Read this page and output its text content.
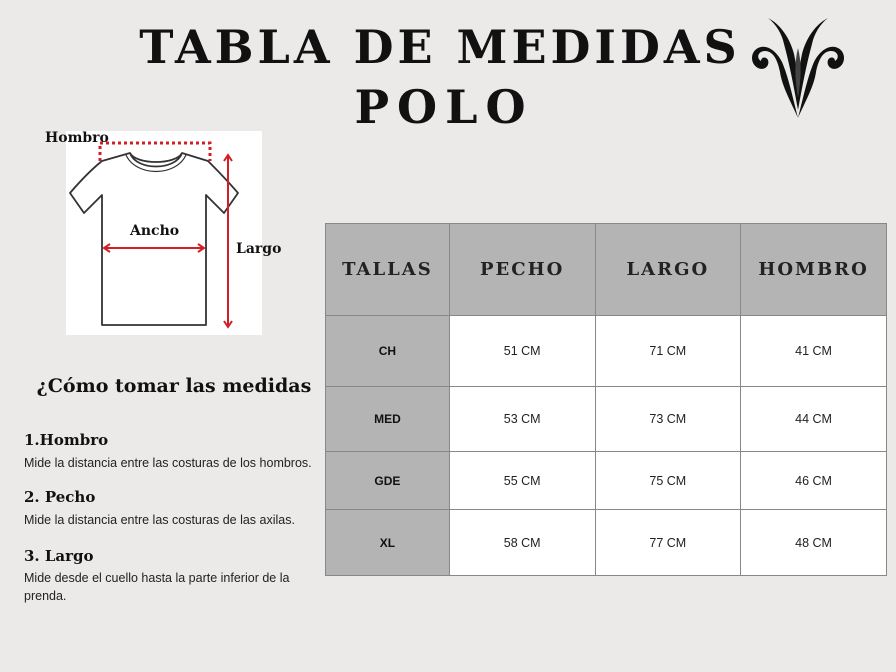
TABLA DE MEDIDAS
POLO
Hombro
Ancho
Largo
¿Cómo tomar las medidas
1.Hombro
Mide la distancia entre las costuras de los hombros.
2. Pecho
Mide la distancia entre las costuras de las axilas.
3. Largo
Mide desde el cuello hasta la parte inferior de la prenda.
TALLAS	PECHO	LARGO	HOMBRO
CH	51 CM	71 CM	41 CM
MED	53 CM	73 CM	44 CM
GDE	55 CM	75 CM	46 CM
XL	58 CM	77 CM	48 CM
